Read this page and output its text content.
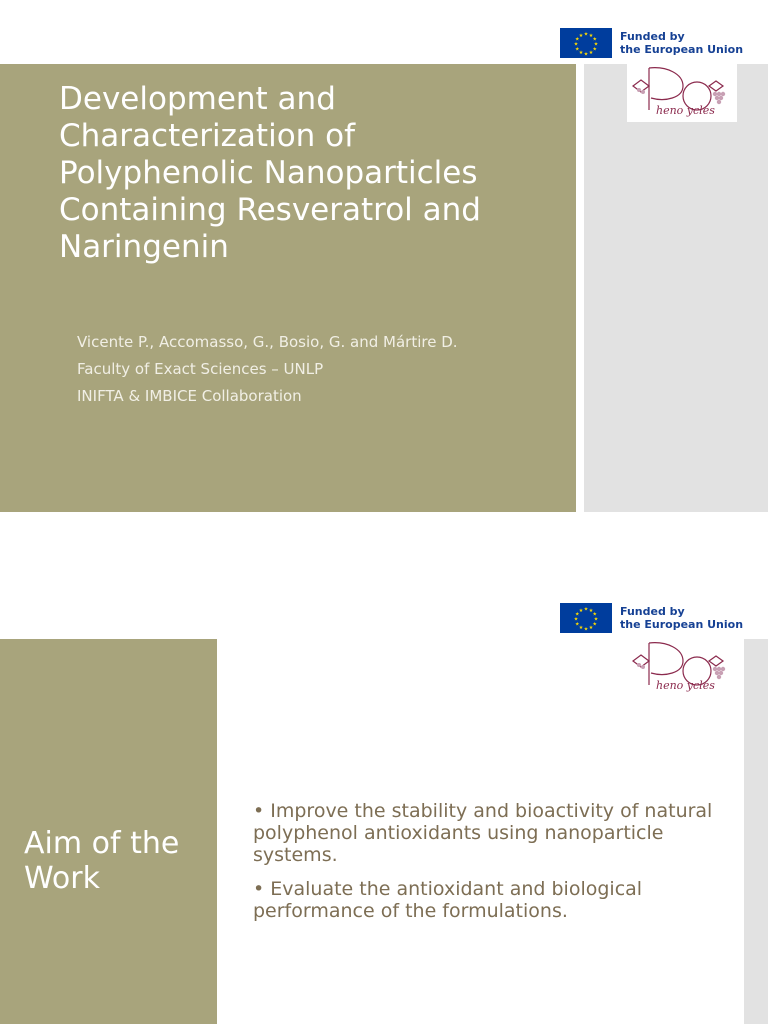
★ ★
★
★
★
★
★
★
★
★
★
★	Funded by
the European Union
heno ycles
Development and Characterization of Polyphenolic Nanoparticles Containing Resveratrol and Naringenin
Vicente P., Accomasso, G., Bosio, G. and Mártire D.
Faculty of Exact Sciences – UNLP
INIFTA & IMBICE Collaboration
★ ★
★
★
★
★
★
★
★
★
★
★	Funded by
the European Union
heno ycles
Aim of the Work
• Improve the stability and bioactivity of natural polyphenol antioxidants using nanoparticle systems.
• Evaluate the antioxidant and biological performance of the formulations.
